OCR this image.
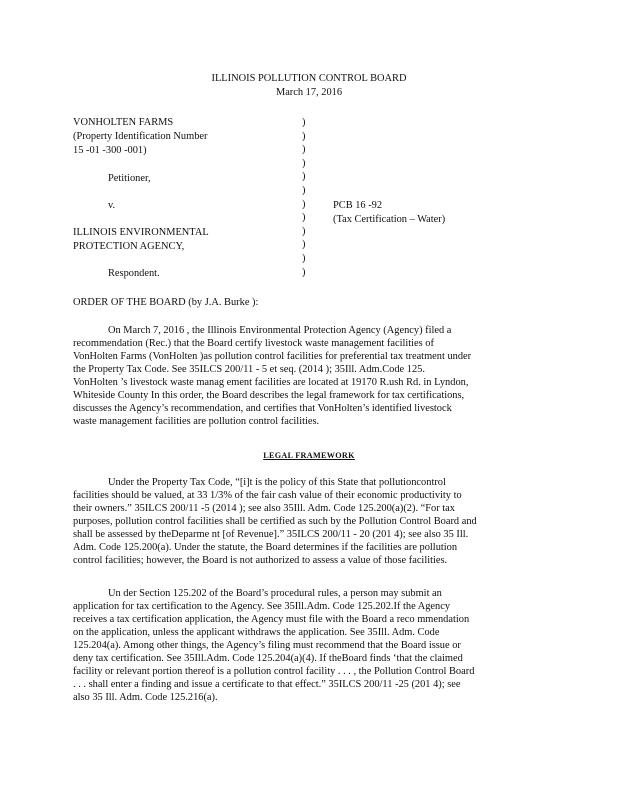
ILLINOIS POLLUTION CONTROL BOARD
March 17, 2016
VONHOLTEN FARMS
(Property Identification Number
15 -01 -300 -001)
Petitioner,
v.
ILLINOIS ENVIRONMENTAL
PROTECTION AGENCY,
Respondent.
)
)
)
)
)
)
)
)
)
)
)
)
PCB 16 -92
(Tax Certification – Water)
ORDER OF THE BOARD (by J.A. Burke ):
On March 7, 2016 , the Illinois Environmental Protection Agency (Agency) filed a
recommendation (Rec.) that the Board certify livestock waste management facilities of
VonHolten Farms (VonHolten )as pollution control facilities for preferential tax treatment under
the Property Tax Code. See 35ILCS 200/11 - 5 et seq. (2014 ); 35Ill. Adm.Code 125.
VonHolten ’s livestock waste manag ement facilities are located at 19170 R.ush Rd. in Lyndon,
Whiteside County In this order, the Board describes the legal framework for tax certifications,
discusses the Agency’s recommendation, and certifies that VonHolten’s identified livestock
waste management facilities are pollution control facilities.
LEGAL FRAMEWORK
Under the Property Tax Code, “[i]t is the policy of this State that pollutioncontrol
facilities should be valued, at 33 1/3% of the fair cash value of their economic productivity to
their owners.” 35ILCS 200/11 -5 (2014 ); see also 35Ill. Adm. Code 125.200(a)(2). “For tax
purposes, pollution control facilities shall be certified as such by the Pollution Control Board and
shall be assessed by theDeparme nt [of Revenue].” 35ILCS 200/11 - 20 (201 4); see also 35 Ill.
Adm. Code 125.200(a). Under the statute, the Board determines if the facilities are pollution
control facilities; however, the Board is not authorized to assess a value of those facilities.
Un der Section 125.202 of the Board’s procedural rules, a person may submit an
application for tax certification to the Agency. See 35Ill.Adm. Code 125.202.If the Agency
receives a tax certification application, the Agency must file with the Board a reco mmendation
on the application, unless the applicant withdraws the application. See 35Ill. Adm. Code
125.204(a). Among other things, the Agency’s filing must recommend that the Board issue or
deny tax certification. See 35Ill.Adm. Code 125.204(a)(4). If theBoard finds ‘that the claimed
facility or relevant portion thereof is a pollution control facility . . . , the Pollution Control Board
. . . shall enter a finding and issue a certificate to that effect.” 35ILCS 200/11 -25 (201 4); see
also 35 Ill. Adm. Code 125.216(a).
